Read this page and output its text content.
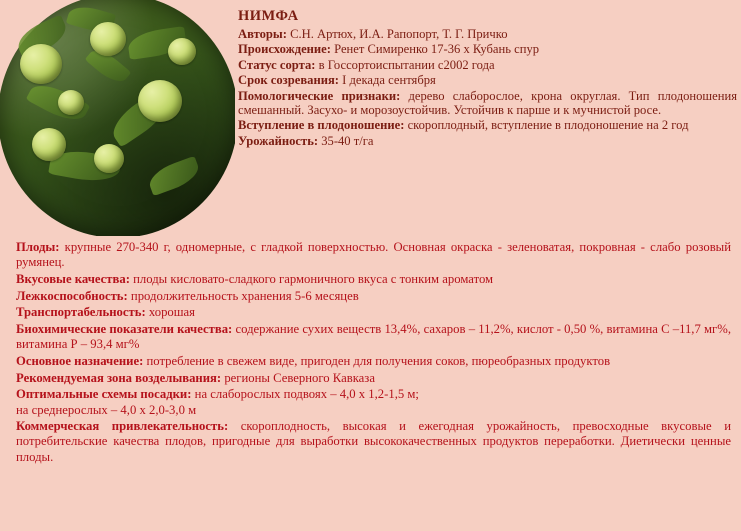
НИМФА
Авторы: С.Н. Артюх, И.А. Рапопорт, Т. Г. Причко
Происхождение: Ренет Симиренко 17-36 х Кубань спур
Статус сорта: в Госсортоиспытании с2002 года
Срок созревания: I декада сентября
Помологические признаки: дерево слаборослое, крона округлая. Тип плодоношения смешанный. Засухо- и морозоустойчив. Устойчив к парше и к мучнистой росе.
Вступление в плодоношение: скороплодный, вступление в плодоношение на 2 год
Урожайность: 35-40 т/га
Плоды: крупные 270-340 г, одномерные, с гладкой поверхностью. Основная окраска - зеленоватая, покровная - слабо розовый румянец.
Вкусовые качества: плоды кисловато-сладкого гармоничного вкуса с тонким ароматом
Лежкоспособность: продолжительность хранения 5-6 месяцев
Транспортабельность: хорошая
Биохимические показатели качества: содержание сухих веществ 13,4%, сахаров – 11,2%, кислот - 0,50 %, витамина С –11,7 мг%, витамина Р – 93,4 мг%
Основное назначение: потребление в свежем виде, пригоден для получения соков, пюреобразных продуктов
Рекомендуемая зона возделывания: регионы Северного Кавказа
Оптимальные схемы посадки: на слаборослых подвоях – 4,0 х 1,2-1,5 м;
на среднерослых – 4,0 х 2,0-3,0 м
Коммерческая привлекательность: скороплодность, высокая и ежегодная урожайность, превосходные вкусовые и потребительские качества плодов, пригодные для выработки высококачественных продуктов переработки. Диетически ценные плоды.
